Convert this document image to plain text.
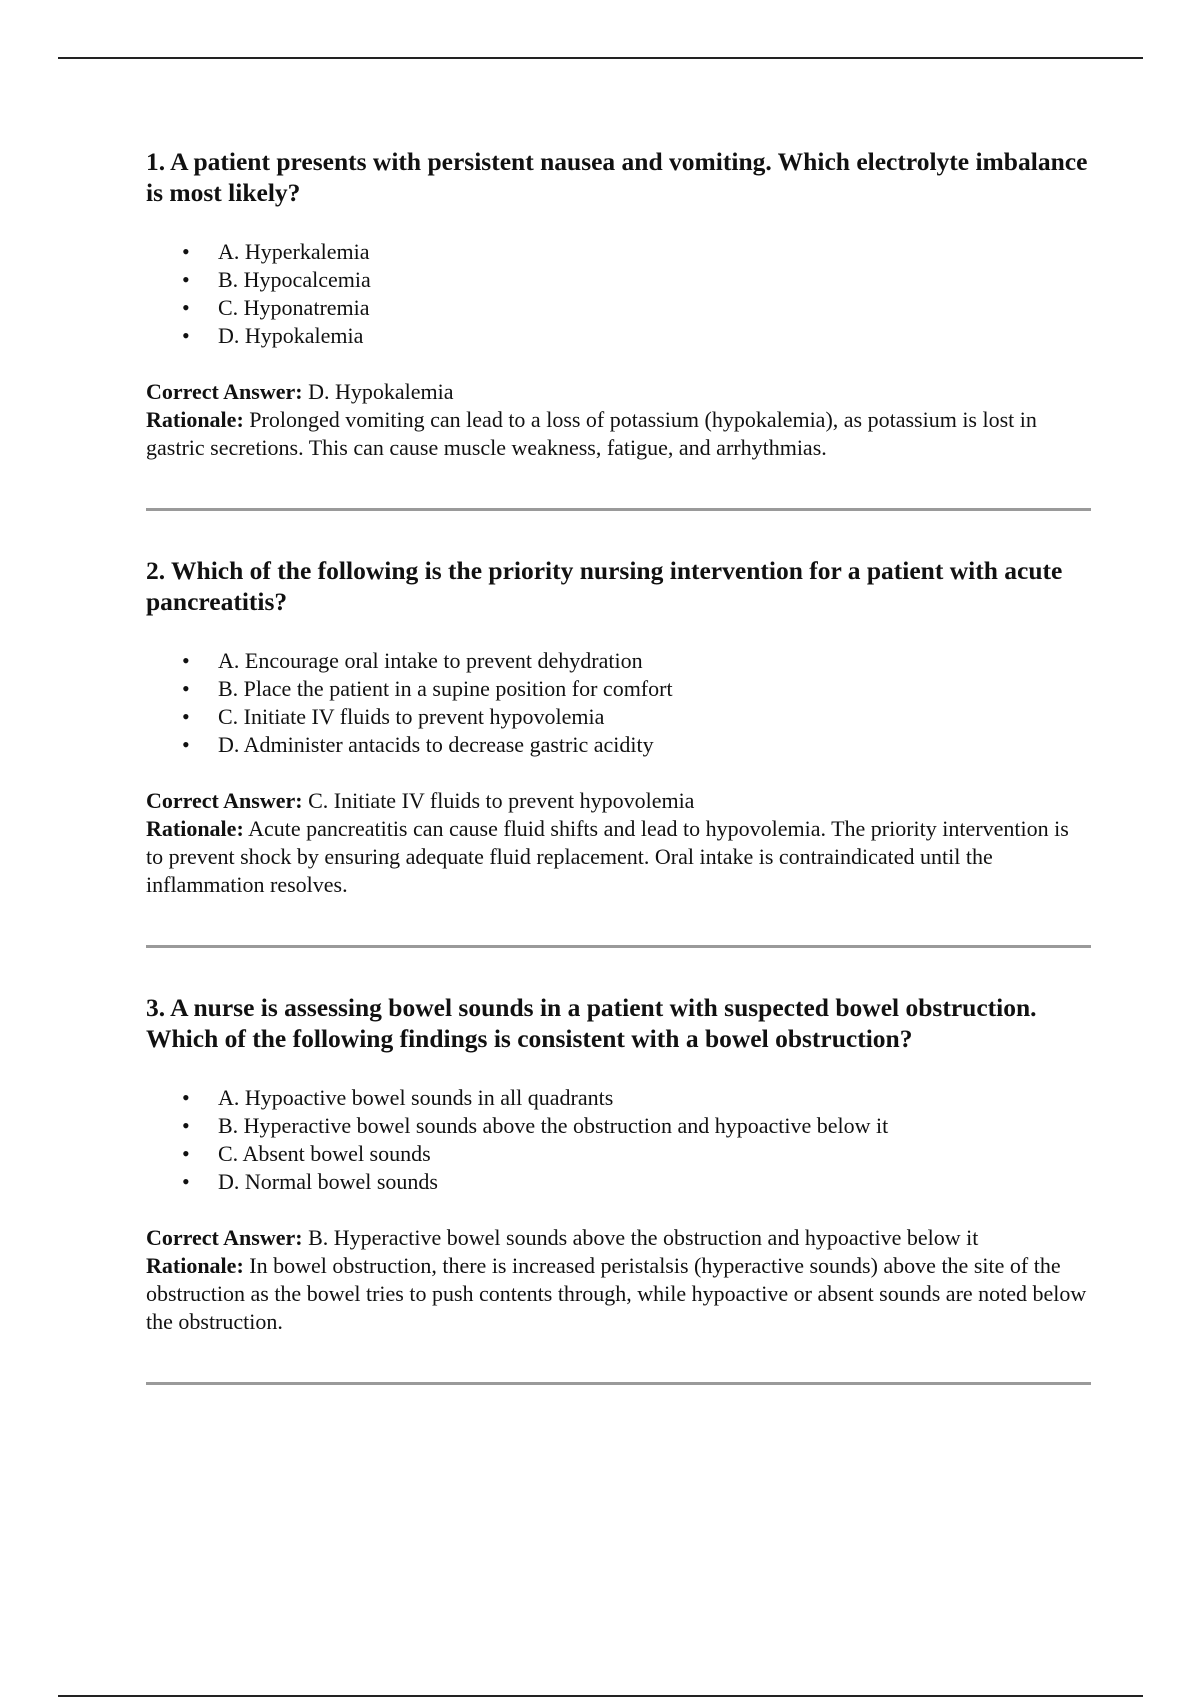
1. A patient presents with persistent nausea and vomiting. Which electrolyte imbalance is most likely?
• A. Hyperkalemia
• B. Hypocalcemia
• C. Hyponatremia
• D. Hypokalemia

Correct Answer: D. Hypokalemia

Rationale: Prolonged vomiting can lead to a loss of potassium (hypokalemia), as potassium is lost in gastric secretions. This can cause muscle weakness, fatigue, and arrhythmias.

2. Which of the following is the priority nursing intervention for a patient with acute pancreatitis?
• A. Encourage oral intake to prevent dehydration
• B. Place the patient in a supine position for comfort
• C. Initiate IV fluids to prevent hypovolemia
• D. Administer antacids to decrease gastric acidity

Correct Answer: C. Initiate IV fluids to prevent hypovolemia

Rationale: Acute pancreatitis can cause fluid shifts and lead to hypovolemia. The priority intervention is to prevent shock by ensuring adequate fluid replacement. Oral intake is contraindicated until the inflammation resolves.

3. A nurse is assessing bowel sounds in a patient with suspected bowel obstruction. Which of the following findings is consistent with a bowel obstruction?
• A. Hypoactive bowel sounds in all quadrants
• B. Hyperactive bowel sounds above the obstruction and hypoactive below it
• C. Absent bowel sounds
• D. Normal bowel sounds

Correct Answer: B. Hyperactive bowel sounds above the obstruction and hypoactive below it

Rationale: In bowel obstruction, there is increased peristalsis (hyperactive sounds) above the site of the obstruction as the bowel tries to push contents through, while hypoactive or absent sounds are noted below the obstruction.
